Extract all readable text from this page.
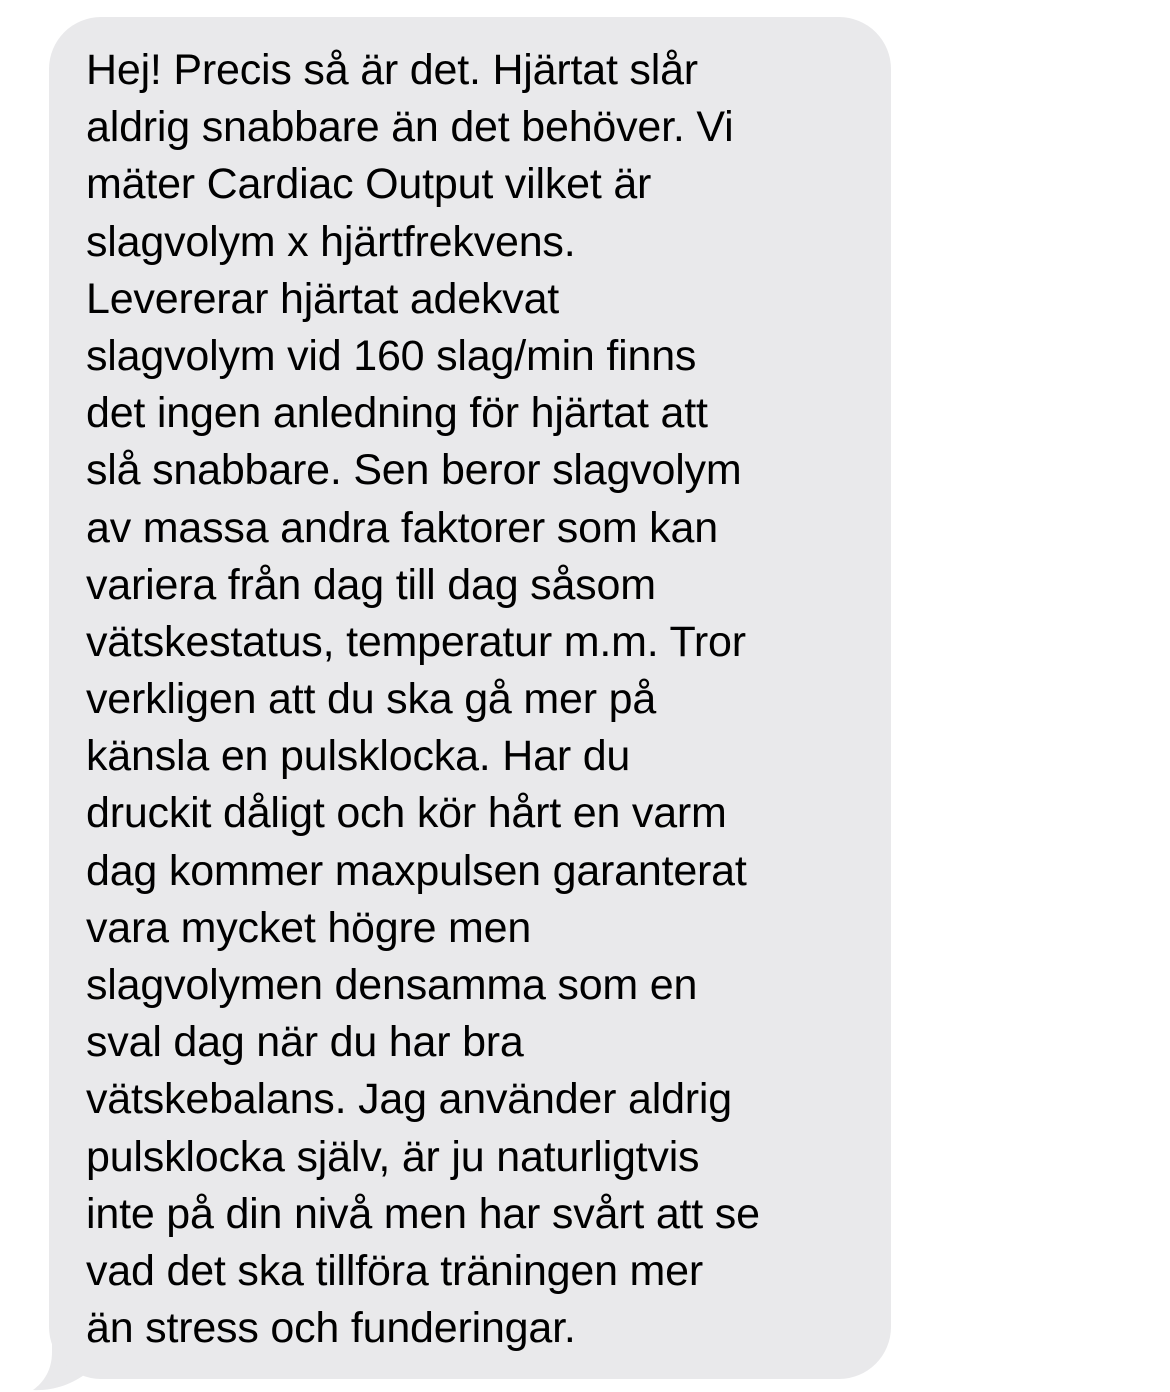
Hej! Precis så är det. Hjärtat slår
aldrig snabbare än det behöver. Vi
mäter Cardiac Output vilket är
slagvolym x hjärtfrekvens.
Levererar hjärtat adekvat
slagvolym vid 160 slag/min finns
det ingen anledning för hjärtat att
slå snabbare. Sen beror slagvolym
av massa andra faktorer som kan
variera från dag till dag såsom
vätskestatus, temperatur m.m. Tror
verkligen att du ska gå mer på
känsla en pulsklocka. Har du
druckit dåligt och kör hårt en varm
dag kommer maxpulsen garanterat
vara mycket högre men
slagvolymen densamma som en
sval dag när du har bra
vätskebalans. Jag använder aldrig
pulsklocka själv, är ju naturligtvis
inte på din nivå men har svårt att se
vad det ska tillföra träningen mer
än stress och funderingar.
